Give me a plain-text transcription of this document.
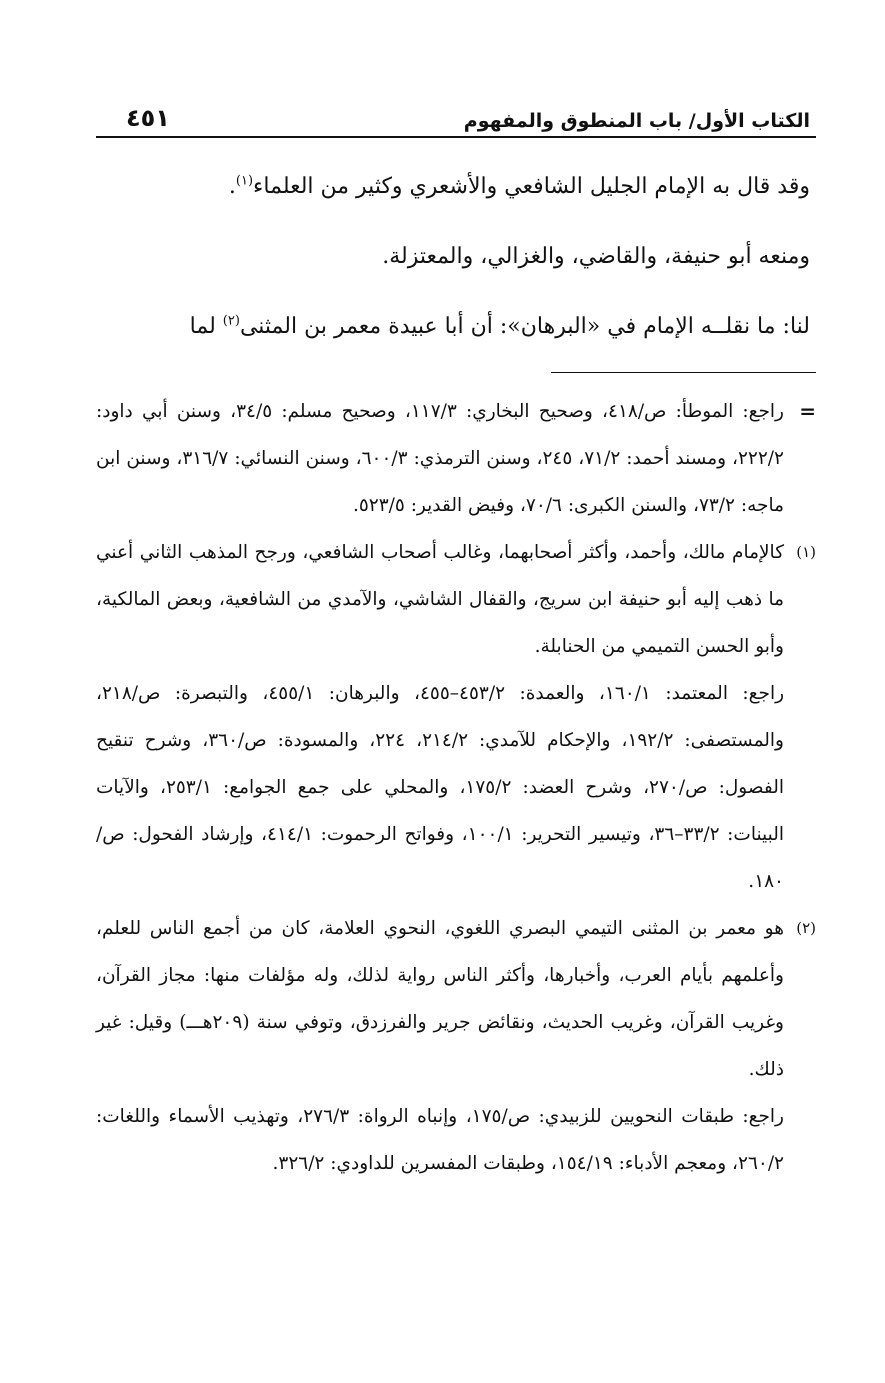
الكتاب الأول/ باب المنطوق والمفهوم
٤٥١

وقد قال به الإمام الجليل الشافعي والأشعري وكثير من العلماء$^{(١)}$.

ومنعه أبو حنيفة، والقاضي، والغزالي، والمعتزلة.

لنا: ما نقلــه الإمام في «البرهان»: أن أبا عبيدة معمر بن المثنى$^{(٢)}$ لما

=

راجع: الموطأ: ص/٤١٨، وصحيح البخاري: ١١٧/٣، وصحيح مسلم: ٣٤/٥، وسنن أبي داود: ٢٢٢/٢، ومسند أحمد: ٧١/٢، ٢٤٥، وسنن الترمذي: ٦٠٠/٣، وسنن النسائي: ٣١٦/٧، وسنن ابن ماجه: ٧٣/٢، والسنن الكبرى: ٧٠/٦، وفيض القدير: ٥٢٣/٥.

(١)

كالإمام مالك، وأحمد، وأكثر أصحابهما، وغالب أصحاب الشافعي، ورجح المذهب الثاني أعني ما ذهب إليه أبو حنيفة ابن سريج، والقفال الشاشي، والآمدي من الشافعية، وبعض المالكية، وأبو الحسن التميمي من الحنابلة.

راجع: المعتمد: ١٦٠/١، والعمدة: ٤٥٣/٢–٤٥٥، والبرهان: ٤٥٥/١، والتبصرة: ص/٢١٨، والمستصفى: ١٩٢/٢، والإحكام للآمدي: ٢١٤/٢، ٢٢٤، والمسودة: ص/٣٦٠، وشرح تنقيح الفصول: ص/٢٧٠، وشرح العضد: ١٧٥/٢، والمحلي على جمع الجوامع: ٢٥٣/١، والآيات البينات: ٣٣/٢–٣٦، وتيسير التحرير: ١٠٠/١، وفواتح الرحموت: ٤١٤/١، وإرشاد الفحول: ص/١٨٠.

(٢)

هو معمر بن المثنى التيمي البصري اللغوي، النحوي العلامة، كان من أجمع الناس للعلم، وأعلمهم بأيام العرب، وأخبارها، وأكثر الناس رواية لذلك، وله مؤلفات منها: مجاز القرآن، وغريب القرآن، وغريب الحديث، ونقائض جرير والفرزدق، وتوفي سنة (٢٠٩هـــ) وقيل: غير ذلك.

راجع: طبقات النحويين للزبيدي: ص/١٧٥، وإنباه الرواة: ٢٧٦/٣، وتهذيب الأسماء واللغات: ٢٦٠/٢، ومعجم الأدباء: ١٥٤/١٩، وطبقات المفسرين للداودي: ٣٢٦/٢.
